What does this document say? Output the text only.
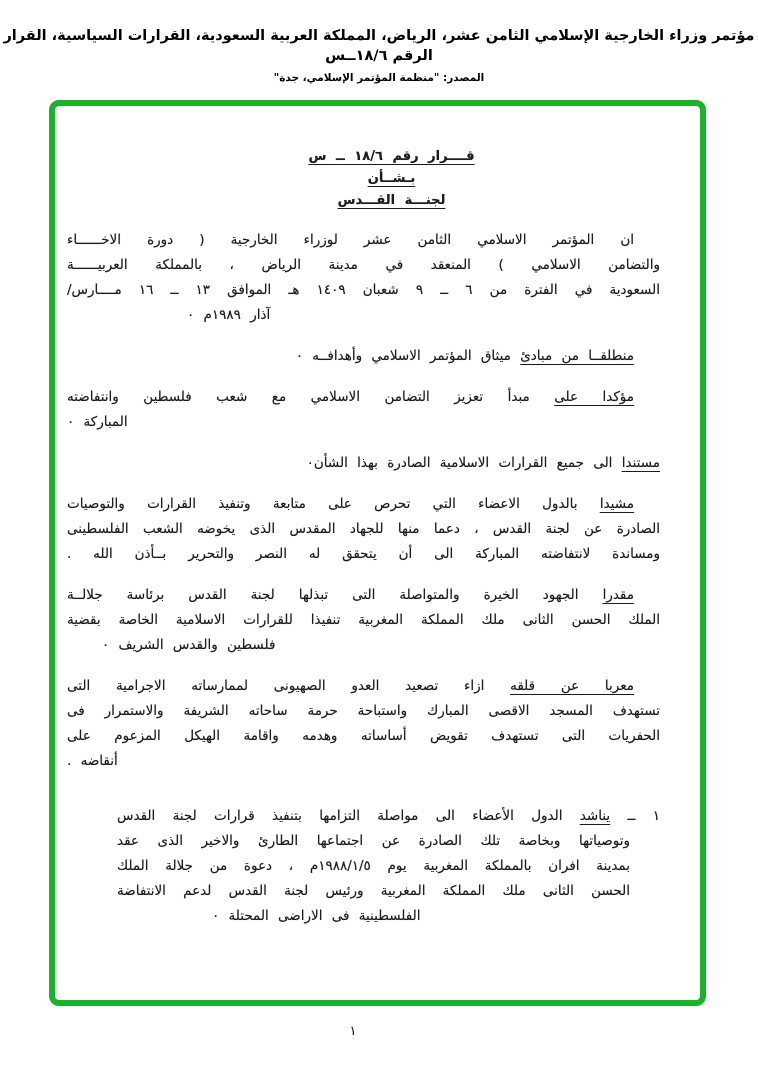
مؤتمر وزراء الخارجية الإسلامي الثامن عشر، الرياض، المملكة العربية السعودية، القرارات السياسية، القرار الرقم ١٨/٦ــس
المصدر: "منظمة المؤتمر الإسلامي، جدة"
قــــرار رقم ١٨/٦ ــ س
بـشــأن
لجنـــة القـــدس
ان المؤتمر الاسلامي الثامن عشر لوزراء الخارجية ( دورة الاخــــــاء
والتضامن الاسلامي ) المنعقد في مدينة الرياض ، بالمملكة العربيــــــة
السعودية في الفترة من ٦ ــ ٩ شعبان ١٤٠٩ هـ الموافق ١٣ ــ ١٦ مــــارس/
آذار ١٩٨٩م ٠
منطلقــا من مبادئ ميثاق المؤتمر الاسلامي وأهدافــه ٠
مؤكدا على مبدأ تعزيز التضامن الاسلامي مع شعب فلسطين وانتفاضته
المباركة ٠
مستندا الى جميع القرارات الاسلامية الصادرة بهذا الشأن٠
مشيدا بالدول الاعضاء التي تحرص على متابعة وتنفيذ القرارات والتوصيات
الصادرة عن لجنة القدس ، دعما منها للجهاد المقدس الذى يخوضه الشعب الفلسطينى
ومساندة لانتفاضته المباركة الى أن يتحقق له النصر والتحرير بــأذن الله .
مقدرا الجهود الخيرة والمتواصلة التى تبذلها لجنة القدس برئاسة جلالــة
الملك الحسن الثانى ملك المملكة المغربية تنفيذا للقرارات الاسلامية الخاصة بقضية
فلسطين والقدس الشريف ٠
معربا عن قلقه ازاء تصعيد العدو الصهيونى لممارساته الاجرامية التى
تستهدف المسجد الاقصى المبارك واستباحة حرمة ساحاته الشريفة والاستمرار فى
الحفريات التى تستهدف تقويض أساساته وهدمه واقامة الهيكل المزعوم على
أنقاضه .
١ ــ يناشد الدول الأعضاء الى مواصلة التزامها بتنفيذ قرارات لجنة القدس
وتوصياتها وبخاصة تلك الصادرة عن اجتماعها الطارئ والاخير الذى عقد
بمدينة افران بالمملكة المغربية يوم ١٩٨٨/١/٥م ، دعوة من جلالة الملك
الحسن الثانى ملك المملكة المغربية ورئيس لجنة القدس لدعم الانتفاضة
الفلسطينية فى الاراضى المحتلة ٠
١
